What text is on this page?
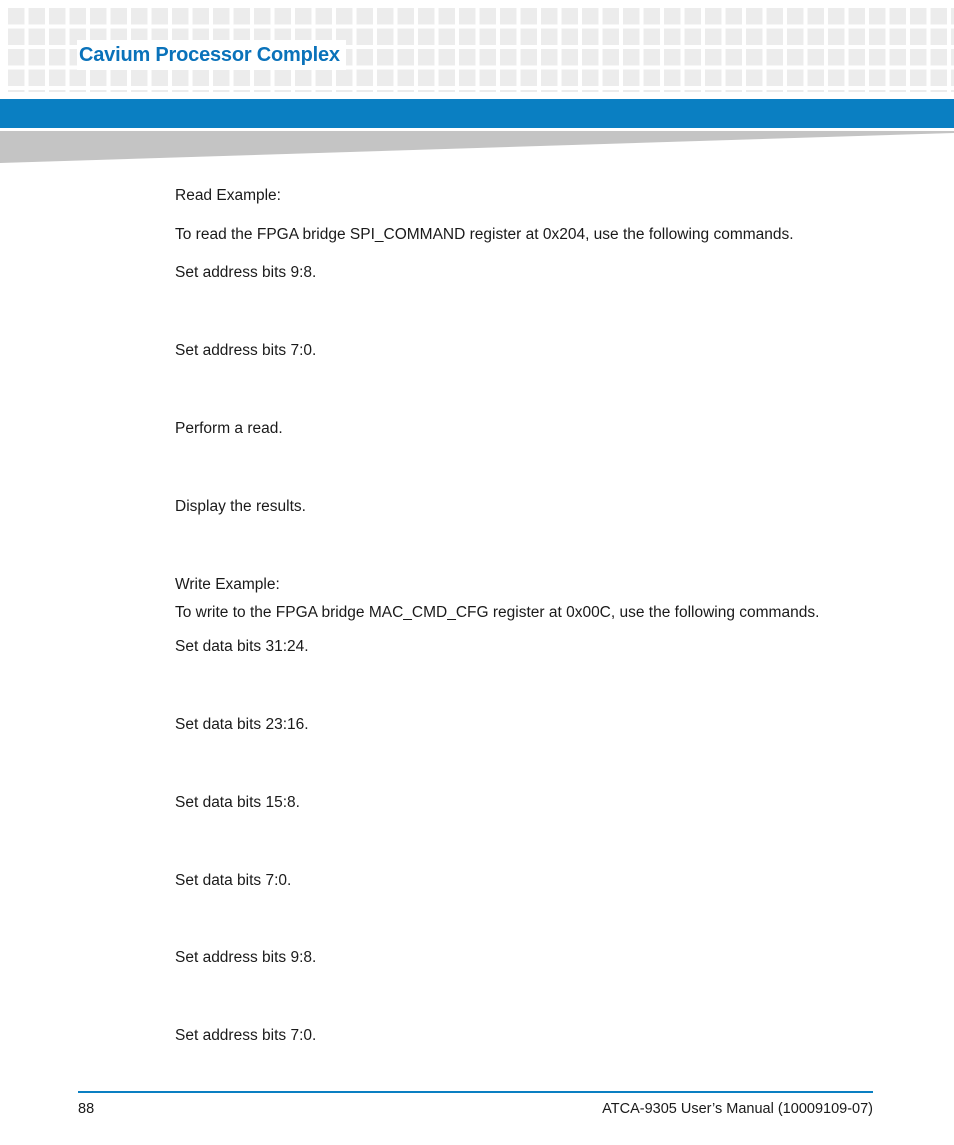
Cavium Processor Complex
Read Example:
To read the FPGA bridge SPI_COMMAND register at 0x204, use the following commands.
Set address bits 9:8.
Set address bits 7:0.
Perform a read.
Display the results.
Write Example:
To write to the FPGA bridge MAC_CMD_CFG register at 0x00C, use the following commands.
Set data bits 31:24.
Set data bits 23:16.
Set data bits 15:8.
Set data bits 7:0.
Set address bits 9:8.
Set address bits 7:0.
88	ATCA-9305 User’s Manual (10009109-07)
